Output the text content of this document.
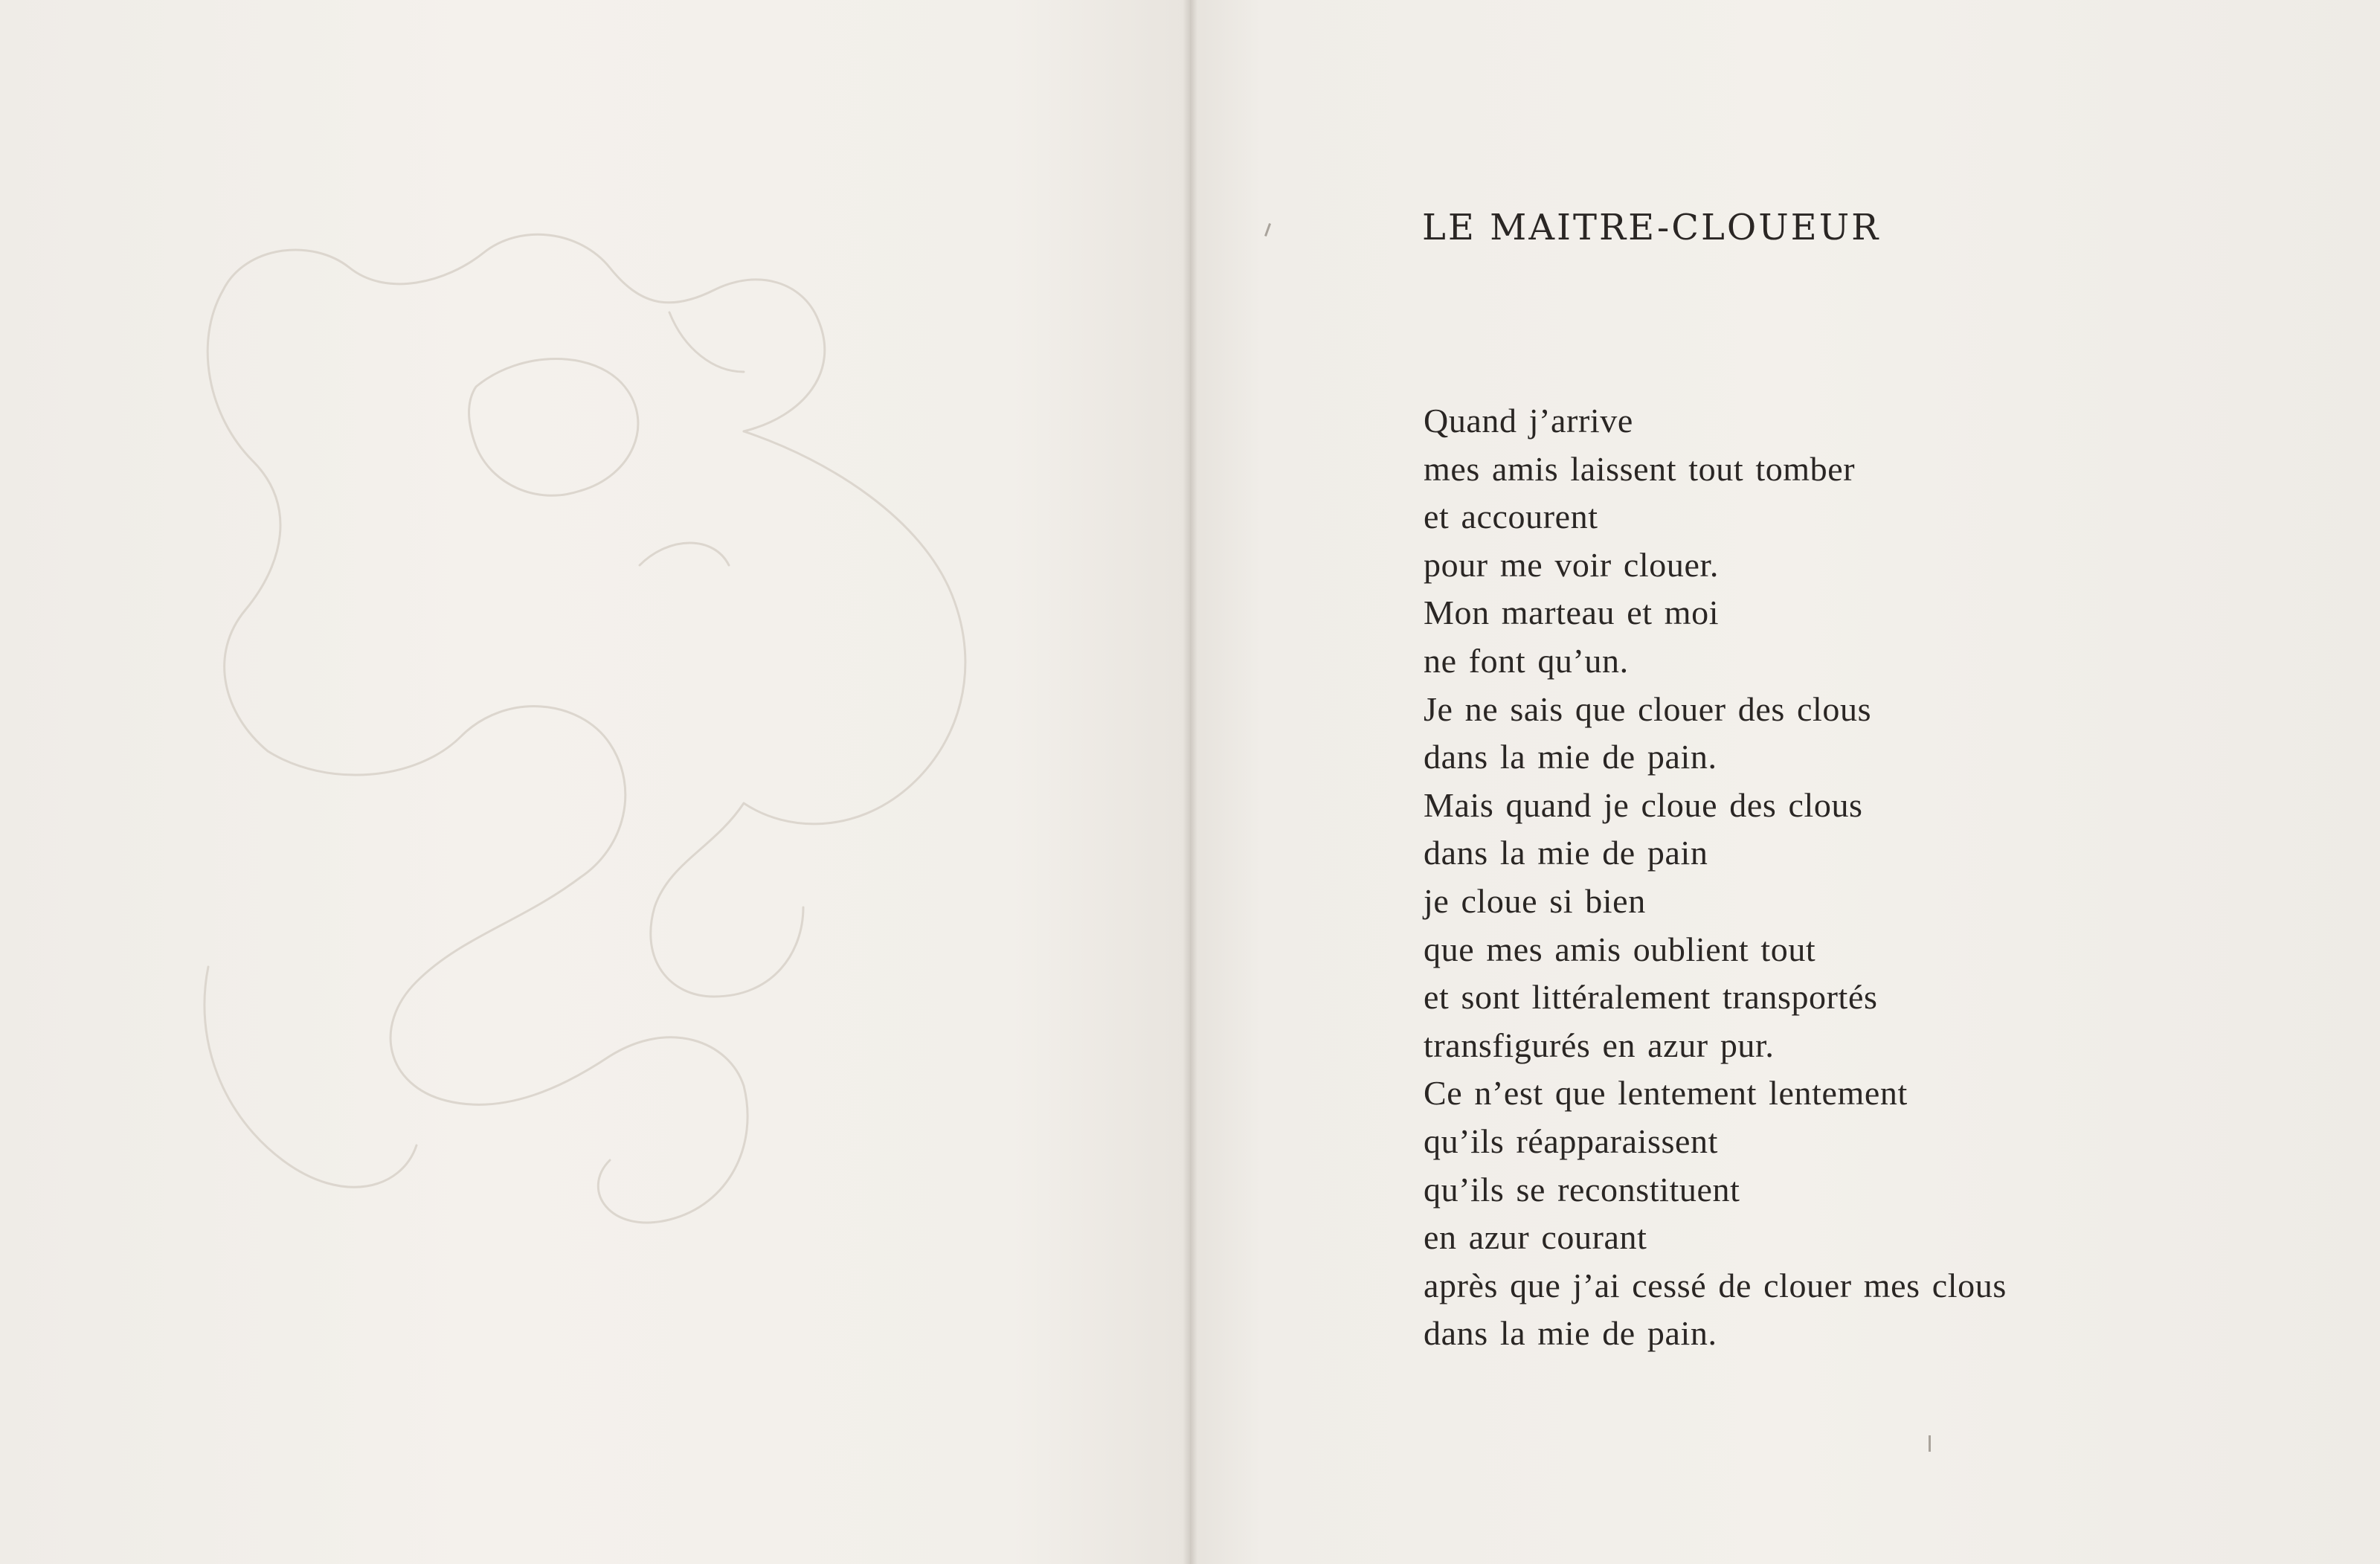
LE MAITRE-CLOUEUR
Quand j’arrive
mes amis laissent tout tomber
et accourent
pour me voir clouer.
Mon marteau et moi
ne font qu’un.
Je ne sais que clouer des clous
dans la mie de pain.
Mais quand je cloue des clous
dans la mie de pain
je cloue si bien
que mes amis oublient tout
et sont littéralement transportés
transfigurés en azur pur.
Ce n’est que lentement lentement
qu’ils réapparaissent
qu’ils se reconstituent
en azur courant
après que j’ai cessé de clouer mes clous
dans la mie de pain.
